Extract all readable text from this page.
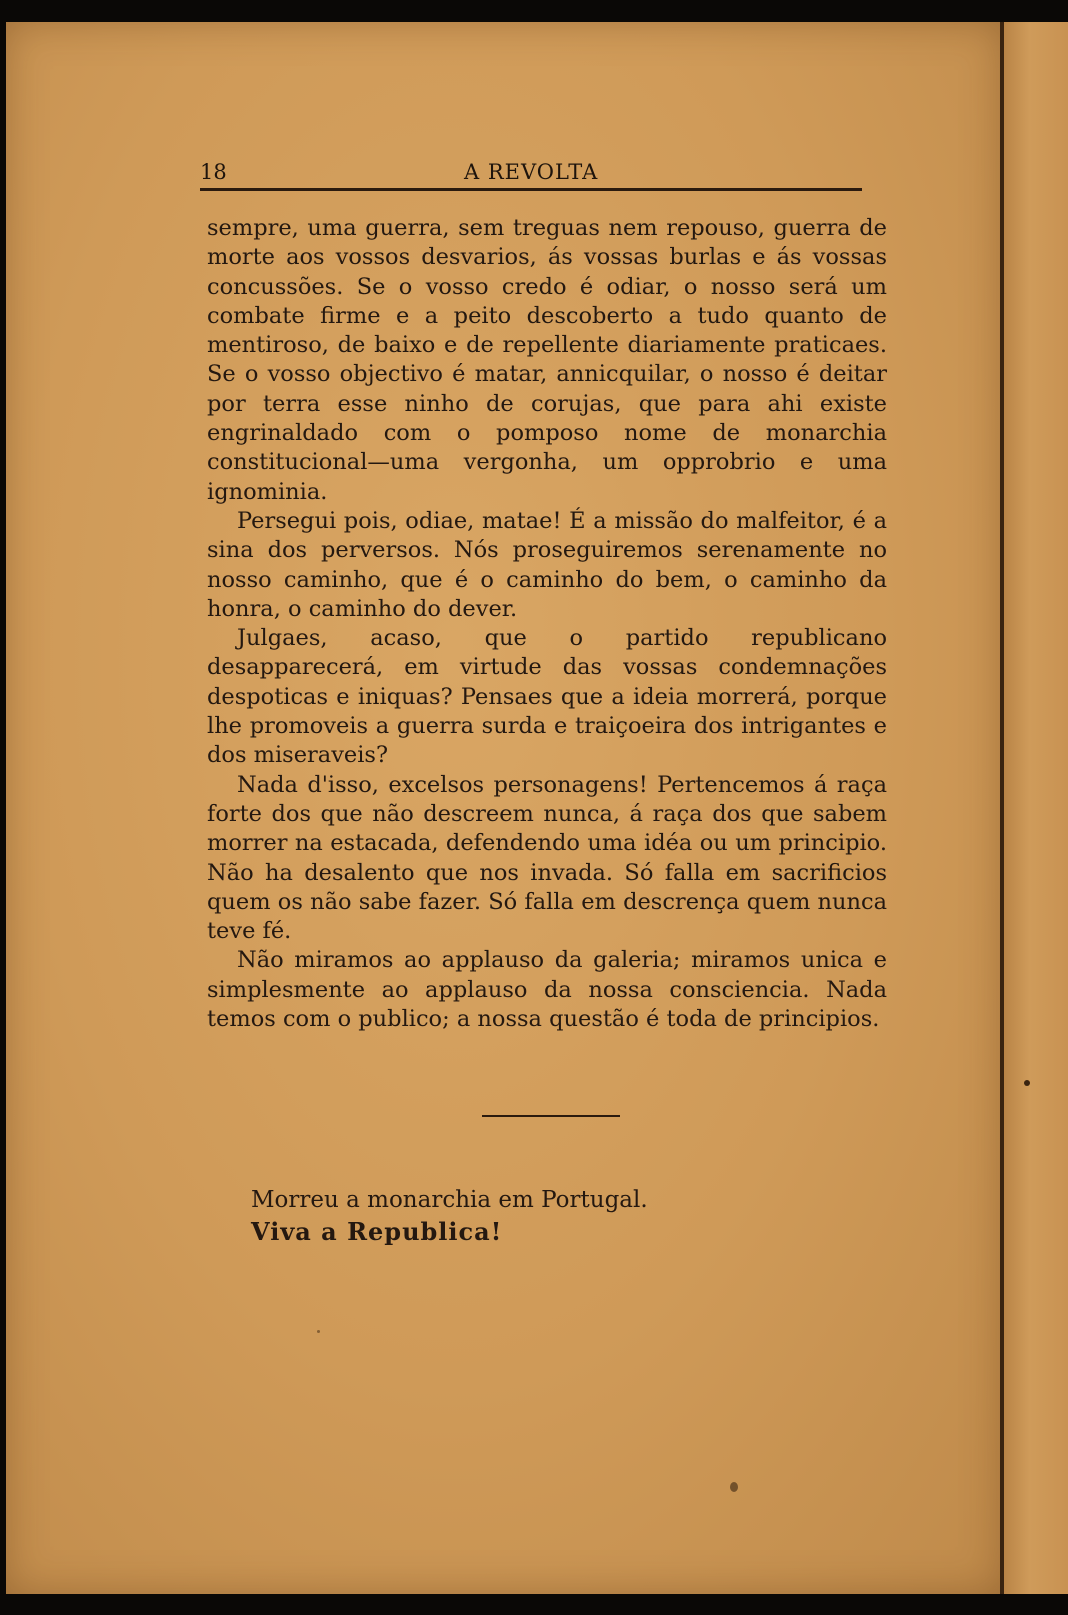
18	A REVOLTA

sempre, uma guerra, sem treguas nem repouso, guerra de morte aos vossos desvarios, ás vossas burlas e ás vossas concussões. Se o vosso credo é odiar, o nosso será um combate firme e a peito descoberto a tudo quanto de mentiroso, de baixo e de repellente diariamente praticaes. Se o vosso objectivo é matar, annicquilar, o nosso é deitar por terra esse ninho de corujas, que para ahi existe engrinaldado com o pomposo nome de monarchia constitucional—uma vergonha, um opprobrio e uma ignominia.

Persegui pois, odiae, matae! É a missão do malfeitor, é a sina dos perversos. Nós proseguiremos serenamente no nosso caminho, que é o caminho do bem, o caminho da honra, o caminho do dever.

Julgaes, acaso, que o partido republicano desapparecerá, em virtude das vossas condemnações despoticas e iniquas? Pensaes que a ideia morrerá, porque lhe promoveis a guerra surda e traiçoeira dos intrigantes e dos miseraveis?

Nada d'isso, excelsos personagens! Pertencemos á raça forte dos que não descreem nunca, á raça dos que sabem morrer na estacada, defendendo uma idéa ou um principio. Não ha desalento que nos invada. Só falla em sacrificios quem os não sabe fazer. Só falla em descrença quem nunca teve fé.

Não miramos ao applauso da galeria; miramos unica e simplesmente ao applauso da nossa consciencia. Nada temos com o publico; a nossa questão é toda de principios.

Morreu a monarchia em Portugal.
Viva a Republica!
